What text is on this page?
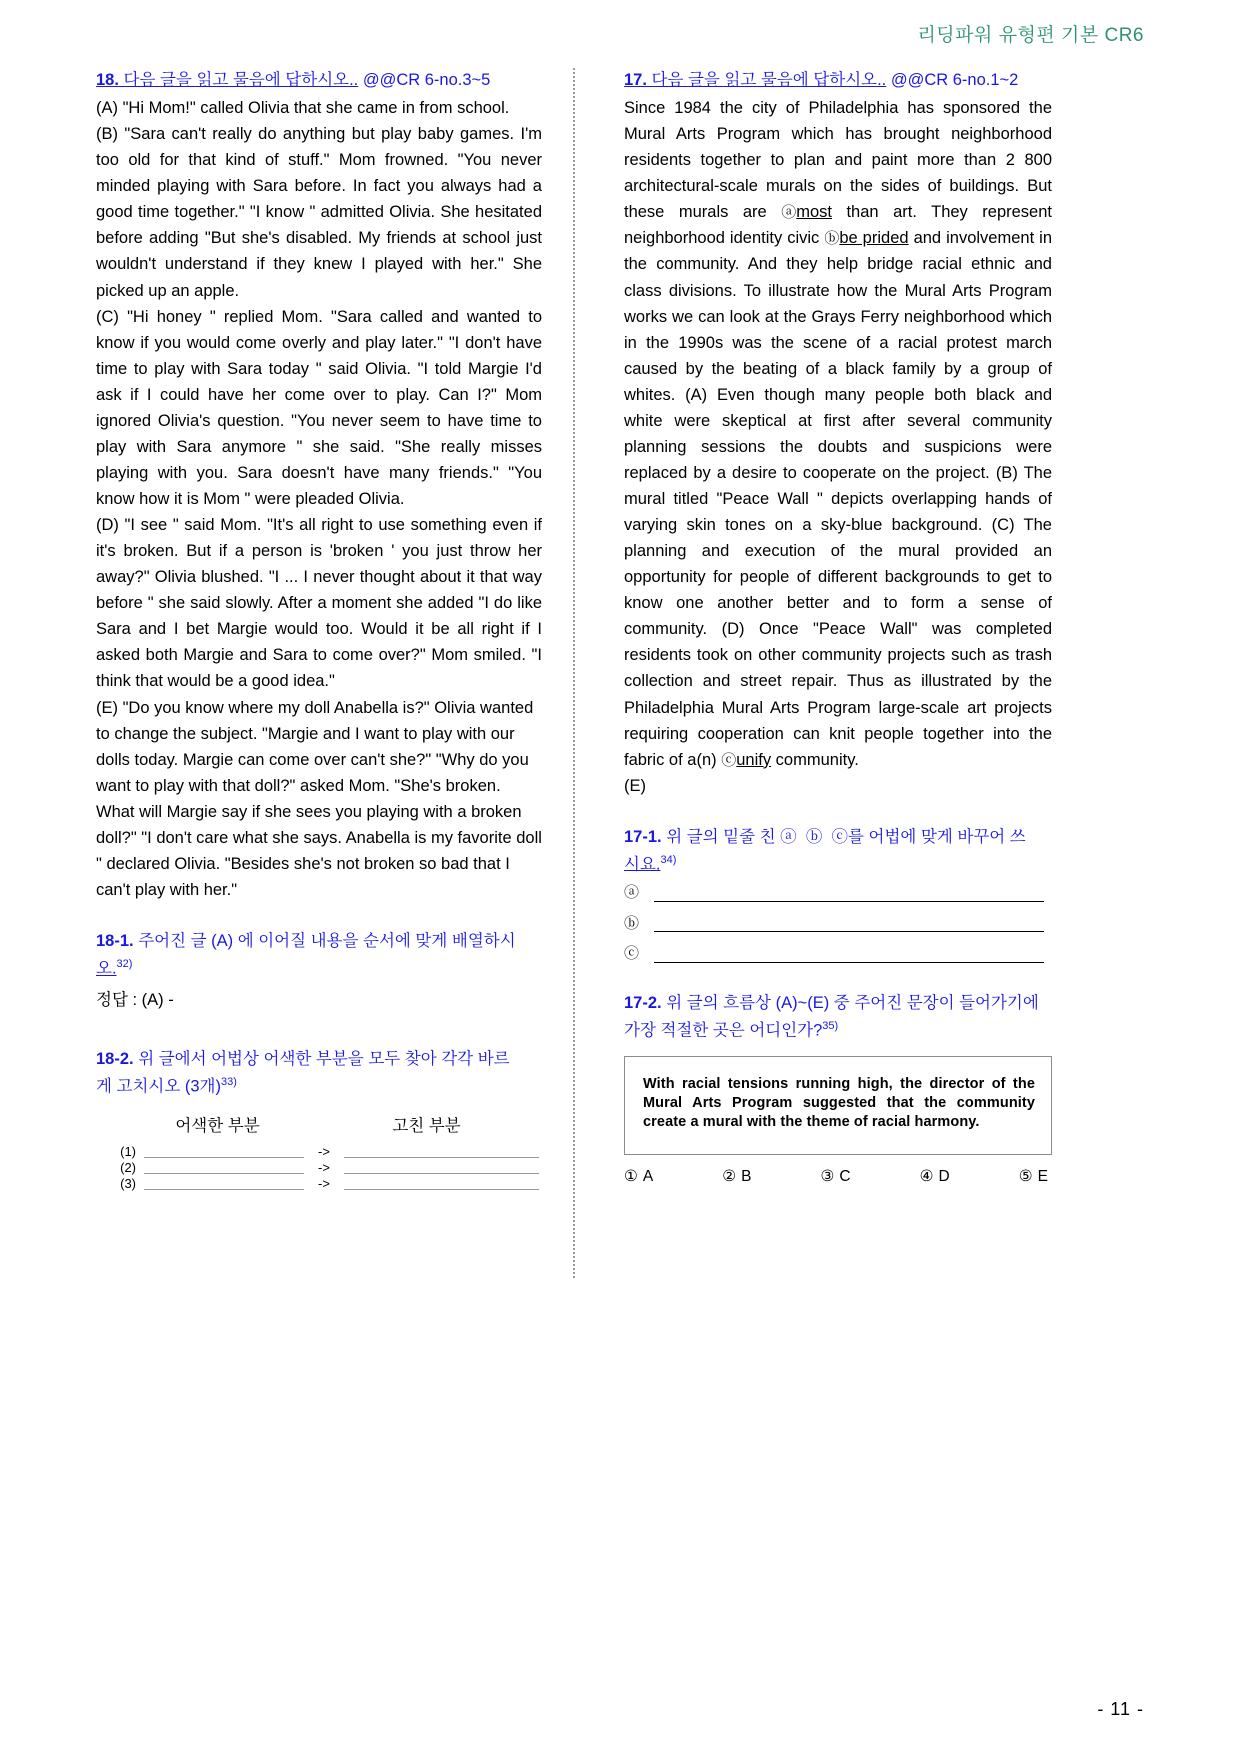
리딩파워 유형편 기본 CR6
18. 다음 글을 읽고 물음에 답하시오.. @@CR 6-no.3~5

(A) "Hi Mom!" called Olivia that she came in from school.

(B) "Sara can't really do anything but play baby games. I'm too old for that kind of stuff." Mom frowned. "You never minded playing with Sara before. In fact you always had a good time together." "I know " admitted Olivia. She hesitated before adding "But she's disabled. My friends at school just wouldn't understand if they knew I played with her." She picked up an apple.

(C) "Hi honey " replied Mom. "Sara called and wanted to know if you would come overly and play later." "I don't have time to play with Sara today " said Olivia. "I told Margie I'd ask if I could have her come over to play. Can I?" Mom ignored Olivia's question. "You never seem to have time to play with Sara anymore " she said. "She really misses playing with you. Sara doesn't have many friends." "You know how it is Mom " were pleaded Olivia.

(D) "I see " said Mom. "It's all right to use something even if it's broken. But if a person is 'broken ' you just throw her away?" Olivia blushed. "I ... I never thought about it that way before " she said slowly. After a moment she added "I do like Sara and I bet Margie would too. Would it be all right if I asked both Margie and Sara to come over?" Mom smiled. "I think that would be a good idea."

(E) "Do you know where my doll Anabella is?" Olivia wanted to change the subject. "Margie and I want to play with our dolls today. Margie can come over can't she?" "Why do you want to play with that doll?" asked Mom. "She's broken. What will Margie say if she sees you playing with a broken doll?" "I don't care what she says. Anabella is my favorite doll " declared Olivia. "Besides she's not broken so bad that I can't play with her."

18-1. 주어진 글 (A) 에 이어질 내용을 순서에 맞게 배열하시
오.$^{32)}$
정답 : (A) -
18-2. 위 글에서 어법상 어색한 부분을 모두 찾아 각각 바르
게 고치시오 (3개)$^{33)}$
어색한 부분	고친 부분
(1)	->
(2)	->
(3)	->
17. 다음 글을 읽고 물음에 답하시오.. @@CR 6-no.1~2

Since 1984 the city of Philadelphia has sponsored the Mural Arts Program which has brought neighborhood residents together to plan and paint more than 2 800 architectural-scale murals on the sides of buildings. But these murals are ⓐmost than art. They represent neighborhood identity civic ⓑbe prided and involvement in the community. And they help bridge racial ethnic and class divisions. To illustrate how the Mural Arts Program works we can look at the Grays Ferry neighborhood which in the 1990s was the scene of a racial protest march caused by the beating of a black family by a group of whites. (A) Even though many people both black and white were skeptical at first after several community planning sessions the doubts and suspicions were replaced by a desire to cooperate on the project. (B) The mural titled "Peace Wall " depicts overlapping hands of varying skin tones on a sky-blue background. (C) The planning and execution of the mural provided an opportunity for people of different backgrounds to get to know one another better and to form a sense of community. (D) Once "Peace Wall" was completed residents took on other community projects such as trash collection and street repair. Thus as illustrated by the Philadelphia Mural Arts Program large-scale art projects requiring cooperation can knit people together into the fabric of a(n) ⓒunify community.

(E)

17-1. 위 글의 밑줄 친 ⓐ ⓑ ⓒ를 어법에 맞게 바꾸어 쓰
시요.$^{34)}$
ⓐ
ⓑ
ⓒ
17-2. 위 글의 흐름상 (A)~(E) 중 주어진 문장이 들어가기에
가장 적절한 곳은 어디인가?$^{35)}$

With racial tensions running high, the director of the Mural Arts Program suggested that the community create a mural with the theme of racial harmony.

① A	② B	③ C	④ D	⑤ E
- 11 -
